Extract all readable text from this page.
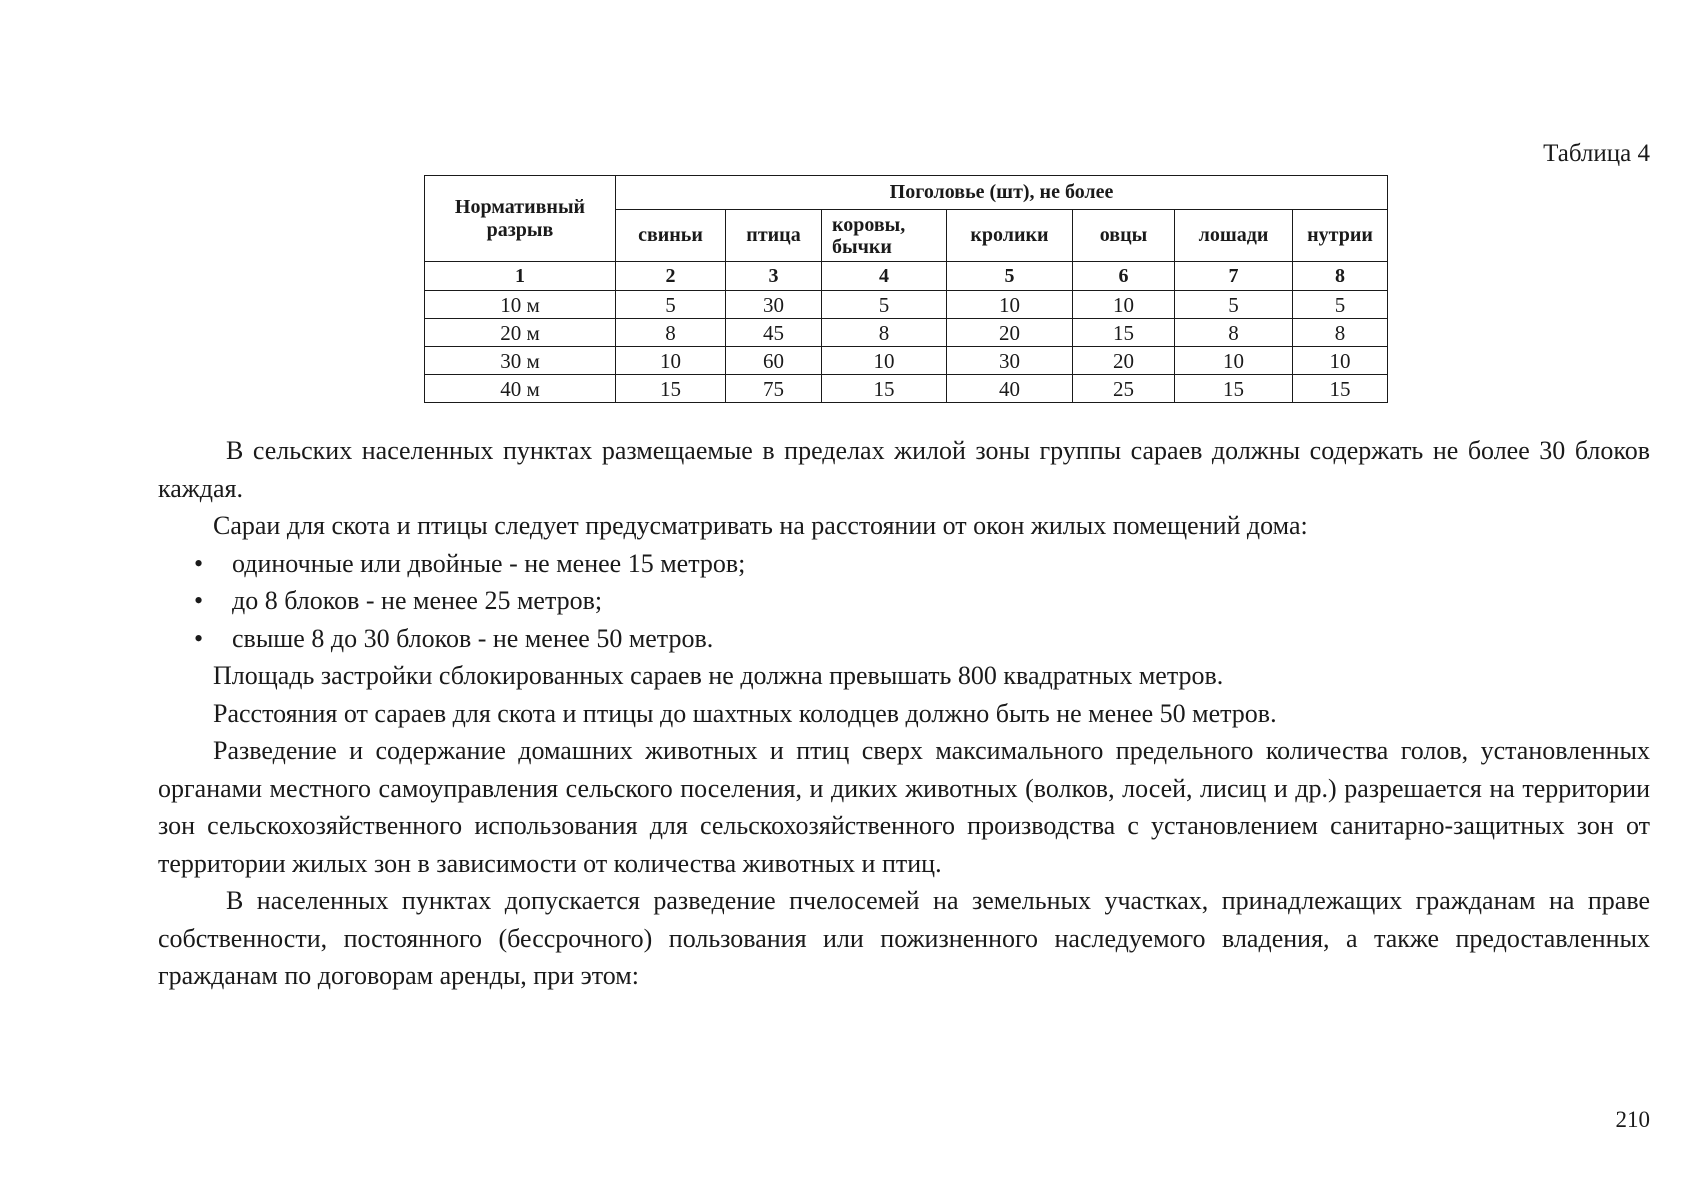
Таблица 4
Нормативный разрыв	Поголовье (шт), не более						
	свиньи	птица	коровы, бычки	кролики	овцы	лошади	нутрии
1	2	3	4	5	6	7	8
10 м	5	30	5	10	10	5	5
20 м	8	45	8	20	15	8	8
30 м	10	60	10	30	20	10	10
40 м	15	75	15	40	25	15	15

В сельских населенных пунктах размещаемые в пределах жилой зоны группы сараев должны содержать не более 30 блоков каждая.

Сараи для скота и птицы следует предусматривать на расстоянии от окон жилых помещений дома:

• одиночные или двойные - не менее 15 метров;
• до 8 блоков - не менее 25 метров;
• свыше 8 до 30 блоков - не менее 50 метров.

Площадь застройки сблокированных сараев не должна превышать 800 квадратных метров.

Расстояния от сараев для скота и птицы до шахтных колодцев должно быть не менее 50 метров.

Разведение и содержание домашних животных и птиц сверх максимального предельного количества голов, установленных органами местного самоуправления сельского поселения, и диких животных (волков, лосей, лисиц и др.) разрешается на территории зон сельскохозяйственного использования для сельскохозяйственного производства с установлением санитарно-защитных зон от территории жилых зон в зависимости от количества животных и птиц.

В населенных пунктах допускается разведение пчелосемей на земельных участках, принадлежащих гражданам на праве собственности, постоянного (бессрочного) пользования или пожизненного наследуемого владения, а также предоставленных гражданам по договорам аренды, при этом:

210
